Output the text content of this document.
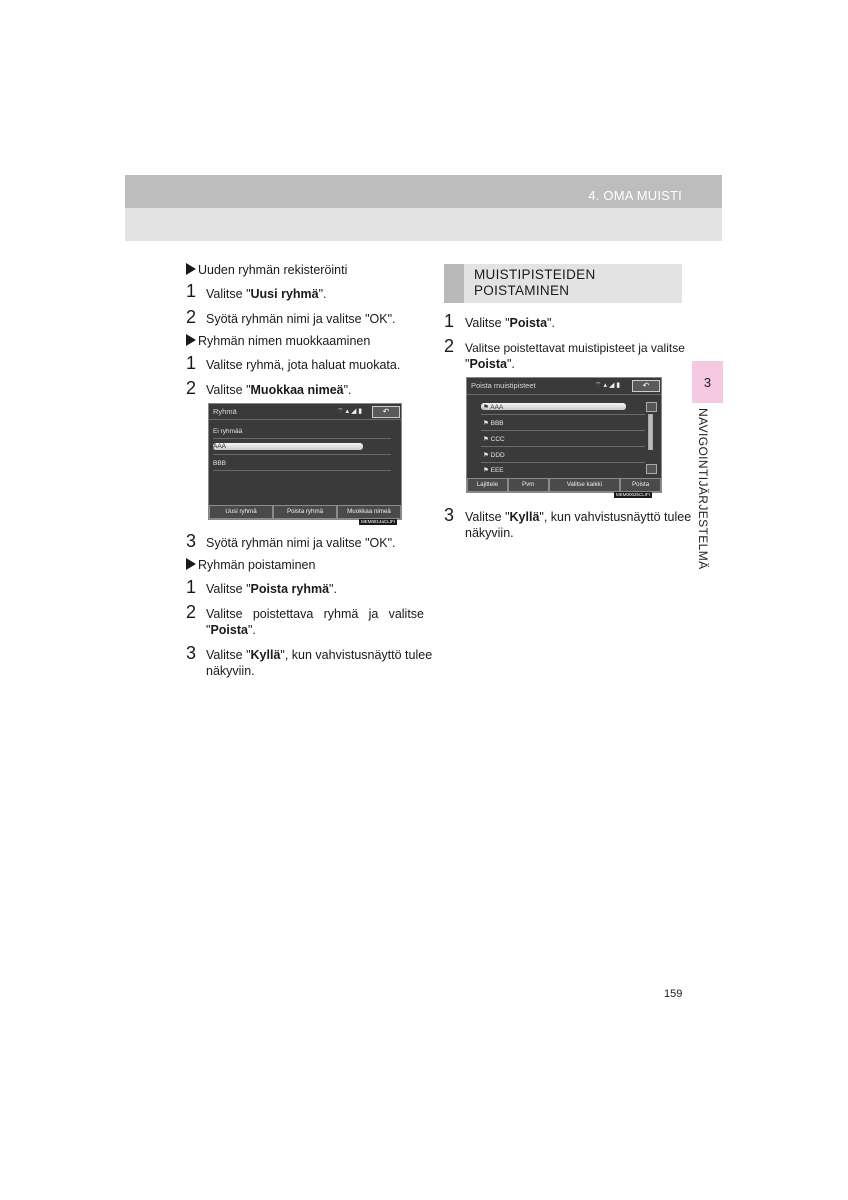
4. OMA MUISTI
3
NAVIGOINTIJÄRJESTELMÄ
Uuden ryhmän rekisteröinti
1 Valitse "Uusi ryhmä".
2 Syötä ryhmän nimi ja valitse "OK".
Ryhmän nimen muokkaaminen
1 Valitse ryhmä, jota haluat muokata.
2 Valitse "Muokkaa nimeä".
Ryhmä	⌔ ▴ ◢ ▮	↶
Ei ryhmää
AAA
BBB
Uusi ryhmä	Poista ryhmä	Muokkaa nimeä
MEM0814aCLIFI
3 Syötä ryhmän nimi ja valitse "OK".
Ryhmän poistaminen
1 Valitse "Poista ryhmä".
2 Valitse poistettava ryhmä ja valitse
"Poista".
3 Valitse "Kyllä", kun vahvistusnäyttö tulee
näkyviin.
MUISTIPISTEIDEN
POISTAMINEN
1 Valitse "Poista".
2 Valitse poistettavat muistipisteet ja valitse
"Poista".
Poista muistipisteet	⌔ ▴ ◢ ▮	↶
⚑ AAA
⚑ BBB
⚑ CCC
⚑ DDD
⚑ EEE
Lajittele	Pvm	Valitse kaikki	Poista
MEM0002bCLIFI
3 Valitse "Kyllä", kun vahvistusnäyttö tulee
näkyviin.
159
